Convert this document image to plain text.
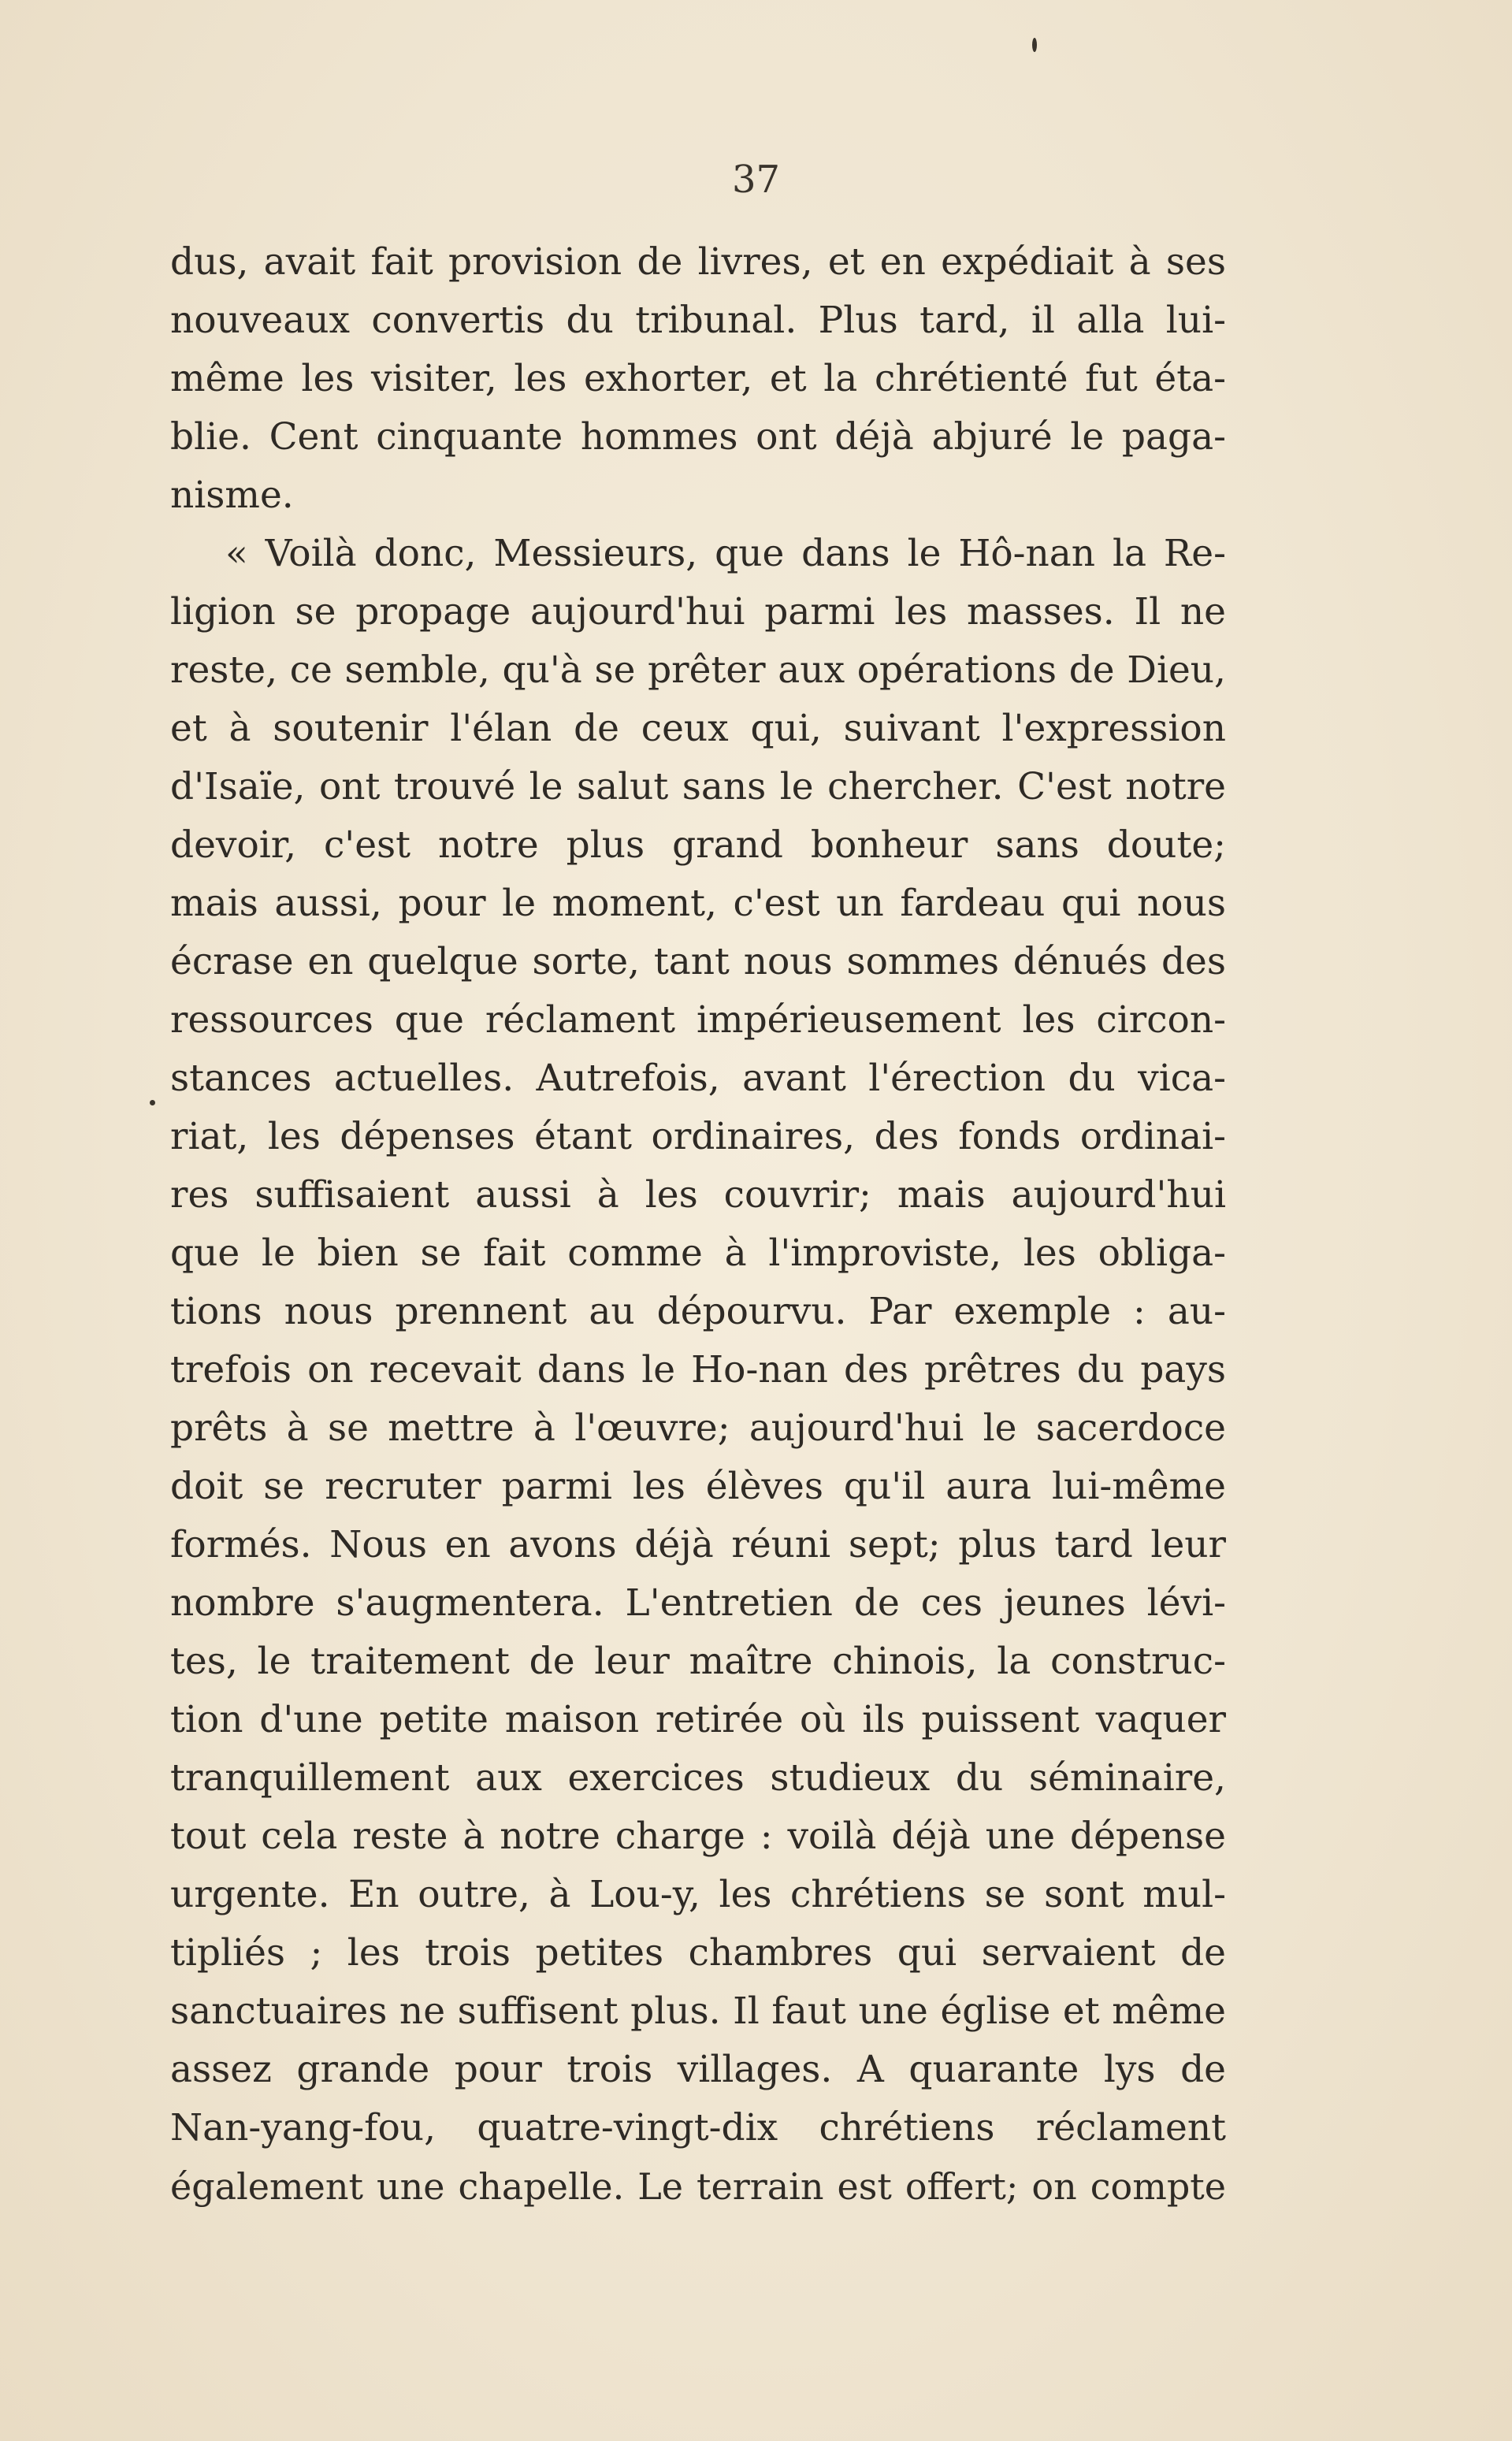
37
dus, avait fait provision de livres, et en expédiait à ses
nouveaux convertis du tribunal. Plus tard, il alla lui-
même les visiter, les exhorter, et la chrétienté fut éta-
blie. Cent cinquante hommes ont déjà abjuré le paga-
nisme.
« Voilà donc, Messieurs, que dans le Hô-nan la Re-
ligion se propage aujourd'hui parmi les masses. Il ne
reste, ce semble, qu'à se prêter aux opérations de Dieu,
et à soutenir l'élan de ceux qui, suivant l'expression
d'Isaïe, ont trouvé le salut sans le chercher. C'est notre
devoir, c'est notre plus grand bonheur sans doute;
mais aussi, pour le moment, c'est un fardeau qui nous
écrase en quelque sorte, tant nous sommes dénués des
ressources que réclament impérieusement les circon-
stances actuelles. Autrefois, avant l'érection du vica-
riat, les dépenses étant ordinaires, des fonds ordinai-
res suffisaient aussi à les couvrir; mais aujourd'hui
que le bien se fait comme à l'improviste, les obliga-
tions nous prennent au dépourvu. Par exemple : au-
trefois on recevait dans le Ho-nan des prêtres du pays
prêts à se mettre à l'œuvre; aujourd'hui le sacerdoce
doit se recruter parmi les élèves qu'il aura lui-même
formés. Nous en avons déjà réuni sept; plus tard leur
nombre s'augmentera. L'entretien de ces jeunes lévi-
tes, le traitement de leur maître chinois, la construc-
tion d'une petite maison retirée où ils puissent vaquer
tranquillement aux exercices studieux du séminaire,
tout cela reste à notre charge : voilà déjà une dépense
urgente. En outre, à Lou-y, les chrétiens se sont mul-
tipliés ; les trois petites chambres qui servaient de
sanctuaires ne suffisent plus. Il faut une église et même
assez grande pour trois villages. A quarante lys de
Nan-yang-fou, quatre-vingt-dix chrétiens réclament
également une chapelle. Le terrain est offert; on compte
